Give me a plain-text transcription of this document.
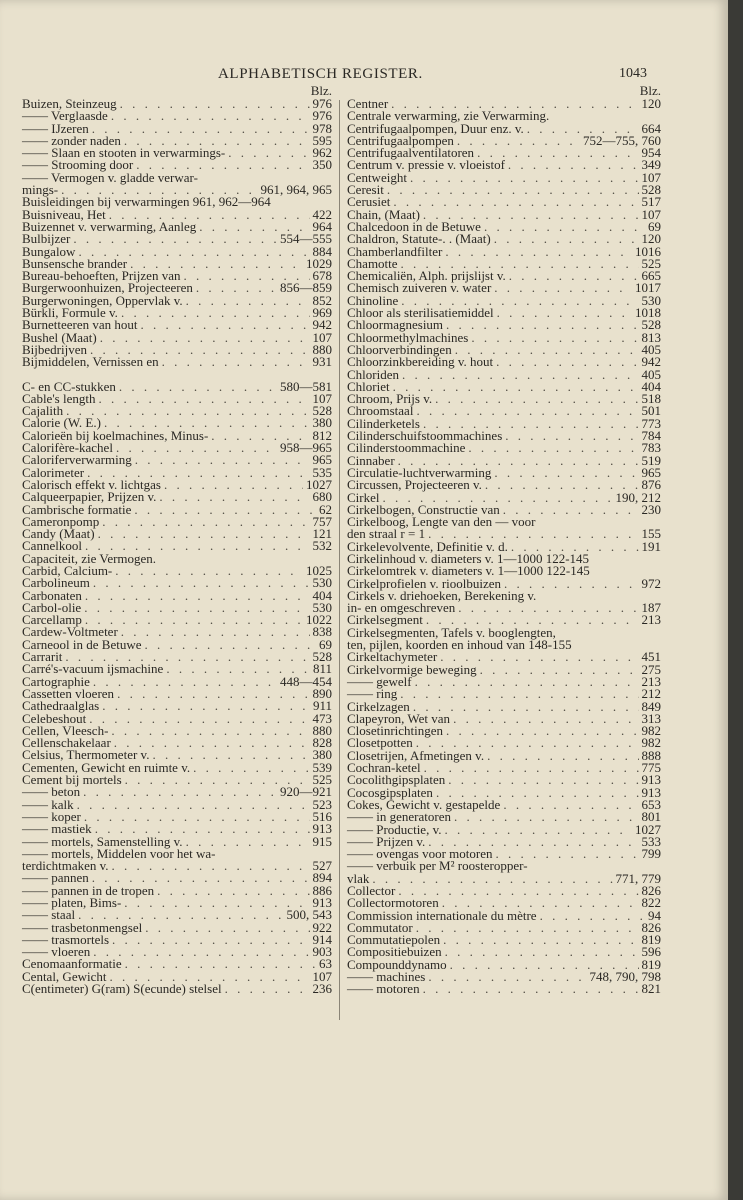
ALPHABETISCH REGISTER.	1043
Blz.
Buizen, Steinzeug . . .	976
—— Verglaasde . . .	976
—— IJzeren . . .	978
—— zonder naden . . .	595
—— Slaan en stooten in verwarmings- . . .	962
—— Strooming door . . .	350
—— Vermogen v. gladde verwar-
mings- . . .	961, 964, 965
Buisleidingen bij verwarmingen 961, 962—964
Buisniveau, Het . . .	422
Buizennet v. verwarming, Aanleg . . .	964
Bulbijzer . . .	554—555
Bungalow . . .	884
Bunsensche brander . . .	1029
Bureau-behoeften, Prijzen van . . .	678
Burgerwoonhuizen, Projecteeren . . .	856—859
Burgerwoningen, Oppervlak v. . . .	852
Bürkli, Formule v. . . .	969
Burnetteeren van hout . . .	942
Bushel (Maat) . . .	107
Bijbedrijven . . .	880
Bijmiddelen, Vernissen en . . .	931
C- en CC-stukken . . .	580—581
Cable's length . . .	107
Cajalith . . .	528
Calorie (W. E.) . . .	380
Calorieën bij koelmachines, Minus- . . .	812
Calorifère-kachel . . .	958—965
Caloriferverwarming . . .	965
Calorimeter . . .	535
Calorisch effekt v. lichtgas . . .	1027
Calqueerpapier, Prijzen v. . . .	680
Cambrische formatie . . .	62
Cameronpomp . . .	757
Candy (Maat) . . .	121
Cannelkool . . .	532
Capaciteit, zie Vermogen.
Carbid, Calcium- . . .	1025
Carbolineum . . .	530
Carbonaten . . .	404
Carbol-olie . . .	530
Carcellamp . . .	1022
Cardew-Voltmeter . . .	838
Carneool in de Betuwe . . .	69
Carrarit . . .	528
Carré's-vacuum ijsmachine . . .	811
Cartographie . . .	448—454
Cassetten vloeren . . .	890
Cathedraalglas . . .	911
Celebeshout . . .	473
Cellen, Vleesch- . . .	880
Cellenschakelaar . . .	828
Celsius, Thermometer v. . . .	380
Cementen, Gewicht en ruimte v. . . .	539
Cement bij mortels . . .	525
—— beton . . .	920—921
—— kalk . . .	523
—— koper . . .	516
—— mastiek . . .	913
—— mortels, Samenstelling v. . . .	915
—— mortels, Middelen voor het wa-
terdichtmaken v. . . .	527
—— pannen . . .	894
—— pannen in de tropen . . .	886
—— platen, Bims- . . .	913
—— staal . . .	500, 543
—— trasbetonmengsel . . .	922
—— trasmortels . . .	914
—— vloeren . . .	903
Cenomaanformatie . . .	63
Cental, Gewicht . . .	107
C(entimeter) G(ram) S(ecunde) stelsel . . .	236
Blz.
Centner . . .	120
Centrale verwarming, zie Verwarming.
Centrifugaalpompen, Duur enz. v. . . .	664
Centrifugaalpompen . . .	752—755, 760
Centrifugaalventilatoren . . .	954
Centrum v. pressie v. vloeistof . . .	349
Centweight . . .	107
Ceresit . . .	528
Cerusiet . . .	517
Chain, (Maat) . . .	107
Chalcedoon in de Betuwe . . .	69
Chaldron, Statute-. . (Maat) . . .	120
Chamberlandfilter . . .	1016
Chamotte . . .	525
Chemicaliën, Alph. prijslijst v. . . .	665
Chemisch zuiveren v. water . . .	1017
Chinoline . . .	530
Chloor als sterilisatiemiddel . . .	1018
Chloormagnesium . . .	528
Chloormethylmachines . . .	813
Chloorverbindingen . . .	405
Chloorzinkbereiding v. hout . . .	942
Chloriden . . .	405
Chloriet . . .	404
Chroom, Prijs v. . . .	518
Chroomstaal . . .	501
Cilinderketels . . .	773
Cilinderschuifstoommachines . . .	784
Cilinderstoommachine . . .	783
Cinnaber . . .	519
Circulatie-luchtverwarming . . .	965
Circussen, Projecteeren v. . . .	876
Cirkel . . .	190, 212
Cirkelbogen, Constructie van . . .	230
Cirkelboog, Lengte van den — voor
den straal r = 1 . . .	155
Cirkelevolvente, Definitie v. d. . . .	191
Cirkelinhoud v. diameters v. 1—1000 122-145
Cirkelomtrek v. diameters v. 1—1000 122-145
Cirkelprofielen v. rioolbuizen . . .	972
Cirkels v. driehoeken, Berekening v.
in- en omgeschreven . . .	187
Cirkelsegment . . .	213
Cirkelsegmenten, Tafels v. booglengten,
ten, pijlen, koorden en inhoud van 148-155
Cirkeltachymeter . . .	451
Cirkelvormige beweging . . .	275
—— gewelf . . .	213
—— ring . . .	212
Cirkelzagen . . .	849
Clapeyron, Wet van . . .	313
Closetinrichtingen . . .	982
Closetpotten . . .	982
Closetrijen, Afmetingen v. . . .	888
Cochran-ketel . . .	775
Cocolithgipsplaten . . .	913
Cocosgipsplaten . . .	913
Cokes, Gewicht v. gestapelde . . .	653
—— in generatoren . . .	801
—— Productie, v. . . .	1027
—— Prijzen v. . . .	533
—— ovengas voor motoren . . .	799
—— verbuik per M² roosteropper-
vlak . . .	771, 779
Collector . . .	826
Collectormotoren . . .	822
Commission internationale du mètre . . .	94
Commutator . . .	826
Commutatiepolen . . .	819
Compositiebuizen . . .	596
Compounddynamo . . .	819
—— machines . . .	748, 790, 798
—— motoren . . .	821
